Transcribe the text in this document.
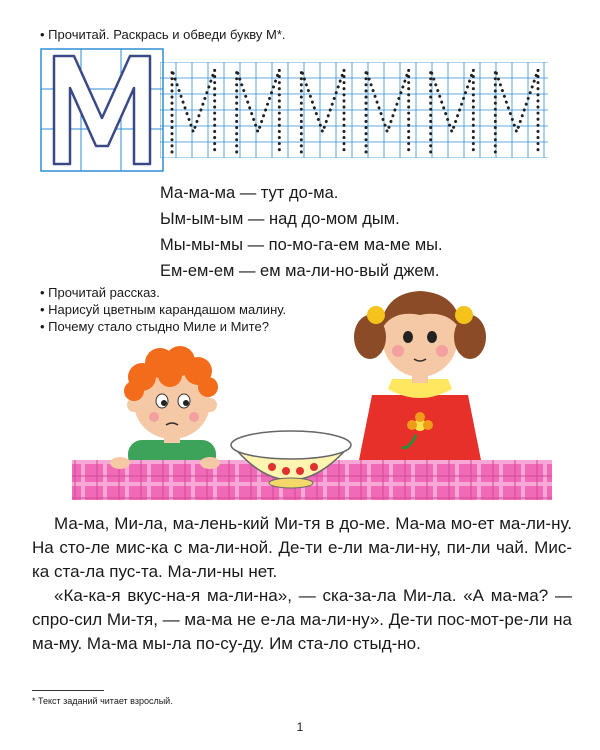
• Прочитай. Раскрась и обведи букву М*.
Ма-ма-ма — тут до-ма.
Ым-ым-ым — над до-мом дым.
Мы-мы-мы — по-мо-га-ем ма-ме мы.
Ем-ем-ем — ем ма-ли-но-вый джем.
• Прочитай рассказ.
• Нарисуй цветным карандашом малину.
• Почему стало стыдно Миле и Мите?

Ма-ма, Ми-ла, ма-лень-кий Ми-тя в до-ме. Ма-ма мо-ет ма-ли-ну. На сто-ле мис-ка с ма-ли-ной. Де-ти е-ли ма-ли-ну, пи-ли чай. Мис-ка ста-ла пус-та. Ма-ли-ны нет.

«Ка-ка-я вкус-на-я ма-ли-на», — ска-за-ла Ми-ла. «А ма-ма? — спро-сил Ми-тя, — ма-ма не е-ла ма-ли-ну». Де-ти пос-мот-ре-ли на ма-му. Ма-ма мы-ла по-су-ду. Им ста-ло стыд-но.

* Текст заданий читает взрослый.
1
